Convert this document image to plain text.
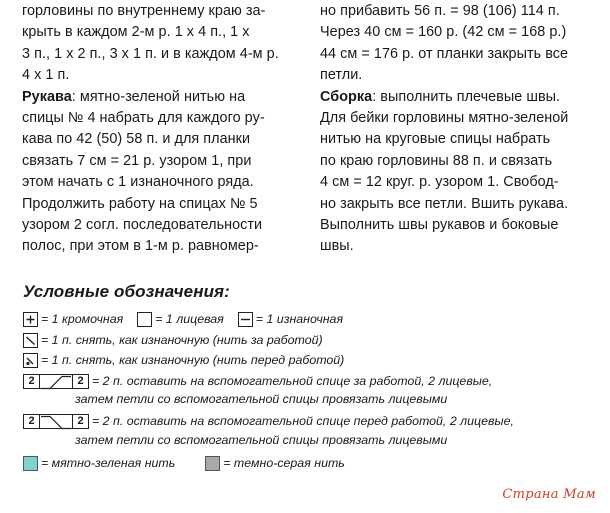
горловины по внутреннему краю за-
крыть в каждом 2-м р. 1 х 4 п., 1 х
3 п., 1 х 2 п., 3 х 1 п. и в каждом 4-м р.
4 х 1 п.
Рукава: мятно-зеленой нитью на
спицы № 4 набрать для каждого ру-
кава по 42 (50) 58 п. и для планки
связать 7 см = 21 р. узором 1, при
этом начать с 1 изнаночного ряда.
Продолжить работу на спицах № 5
узором 2 согл. последовательности
полос, при этом в 1-м р. равномер-
но прибавить 56 п. = 98 (106) 114 п.
Через 40 см = 160 р. (42 см = 168 р.)
44 см = 176 р. от планки закрыть все
петли.
Сборка: выполнить плечевые швы.
Для бейки горловины мятно-зеленой
нитью на круговые спицы набрать
по краю горловины 88 п. и связать
4 см = 12 круг. р. узором 1. Свобод-
но закрыть все петли. Вшить рукава.
Выполнить швы рукавов и боковые
швы.
Условные обозначения:
= 1 кромочная	= 1 лицевая	= 1 изнаночная
= 1 п. снять, как изнаночную (нить за работой)
= 1 п. снять, как изнаночную (нить перед работой)
2	2 = 2 п. оставить на вспомогательной спице за работой, 2 лицевые,
затем петли со вспомогательной спицы провязать лицевыми
2	2 = 2 п. оставить на вспомогательной спице перед работой, 2 лицевые,
затем петли со вспомогательной спицы провязать лицевыми
= мятно-зеленая нить	= темно-серая нить
Страна Мам
